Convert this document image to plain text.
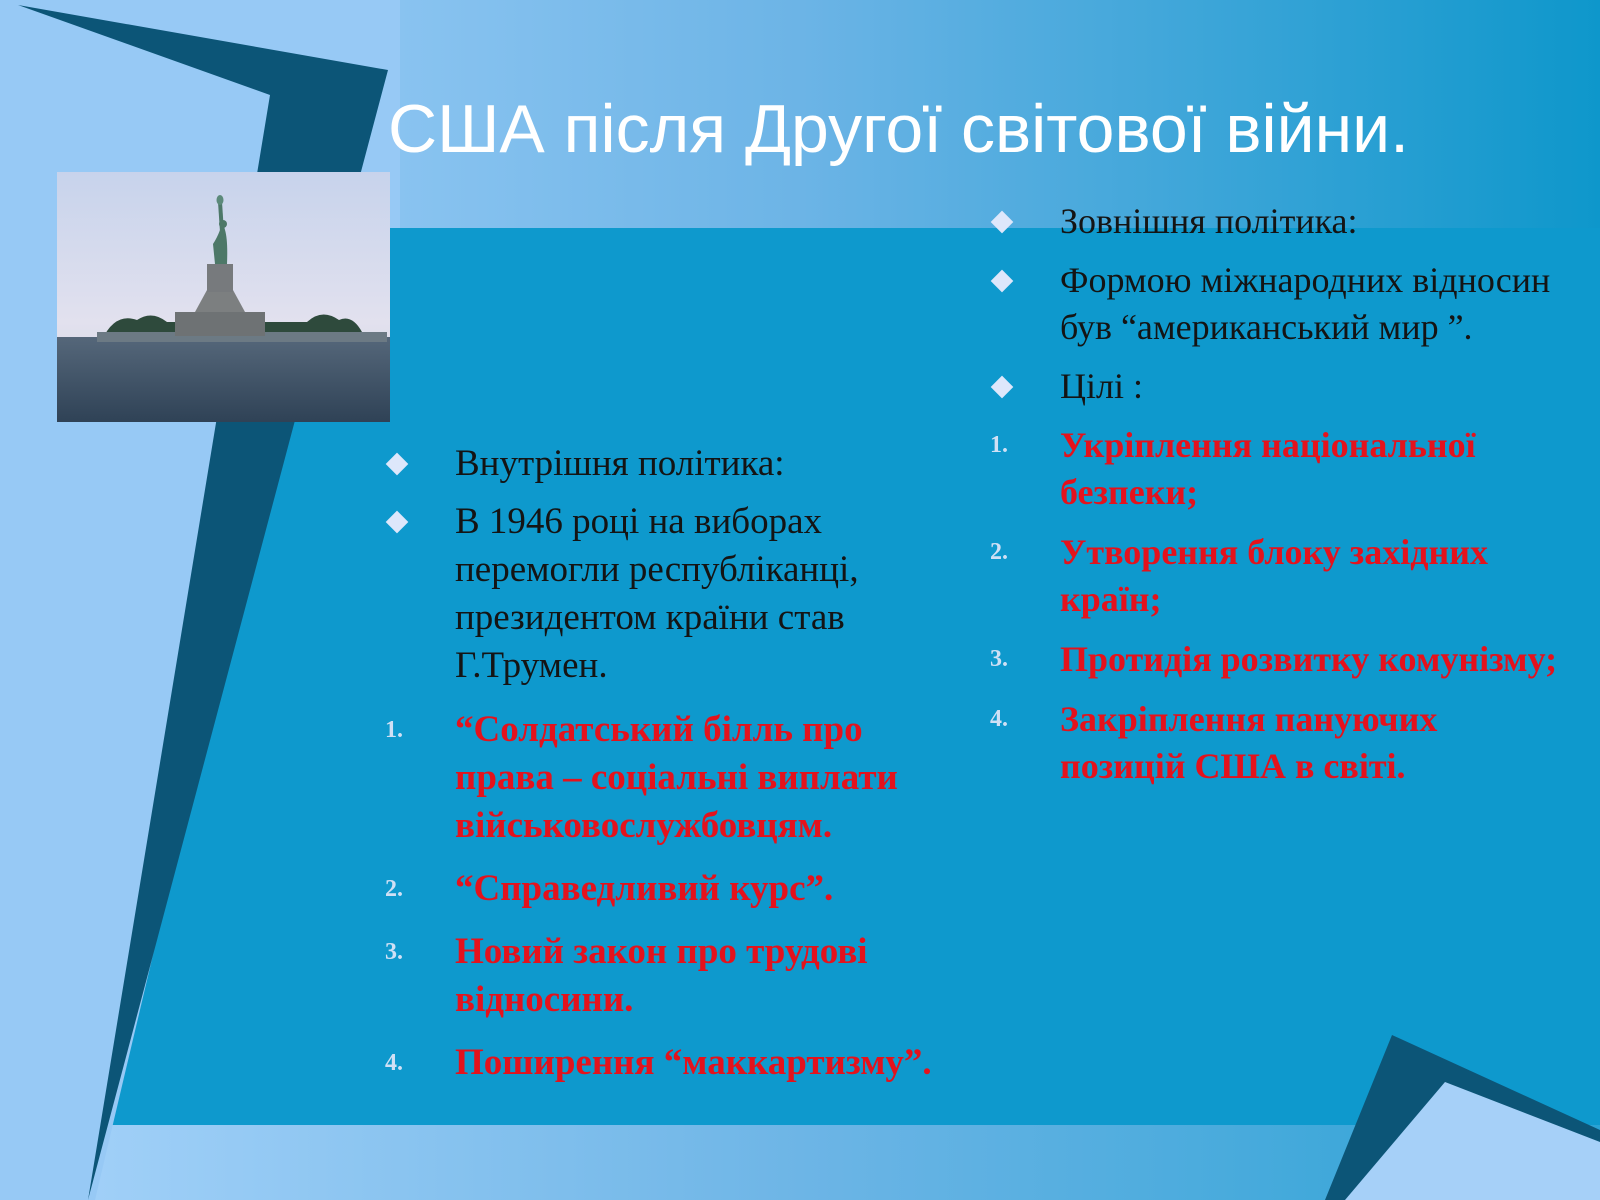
США після Другої світової війни.

Внутрішня політика:

В 1946 році на виборах перемогли республіканці, президентом країни став Г.Трумен.

1.	“Солдатський білль про права – соціальні виплати військовослужбовцям.

2.	“Справедливий курс”.

3.	Новий закон про трудові відносини.

4.	Поширення “маккартизму”.

Зовнішня політика:

Формою міжнародних відносин був “американський мир ”.

Цілі :

1.	Укріплення національної безпеки;

2.	Утворення блоку західних країн;

3.	Протидія розвитку комунізму;

4.	Закріплення пануючих позицій США в світі.
